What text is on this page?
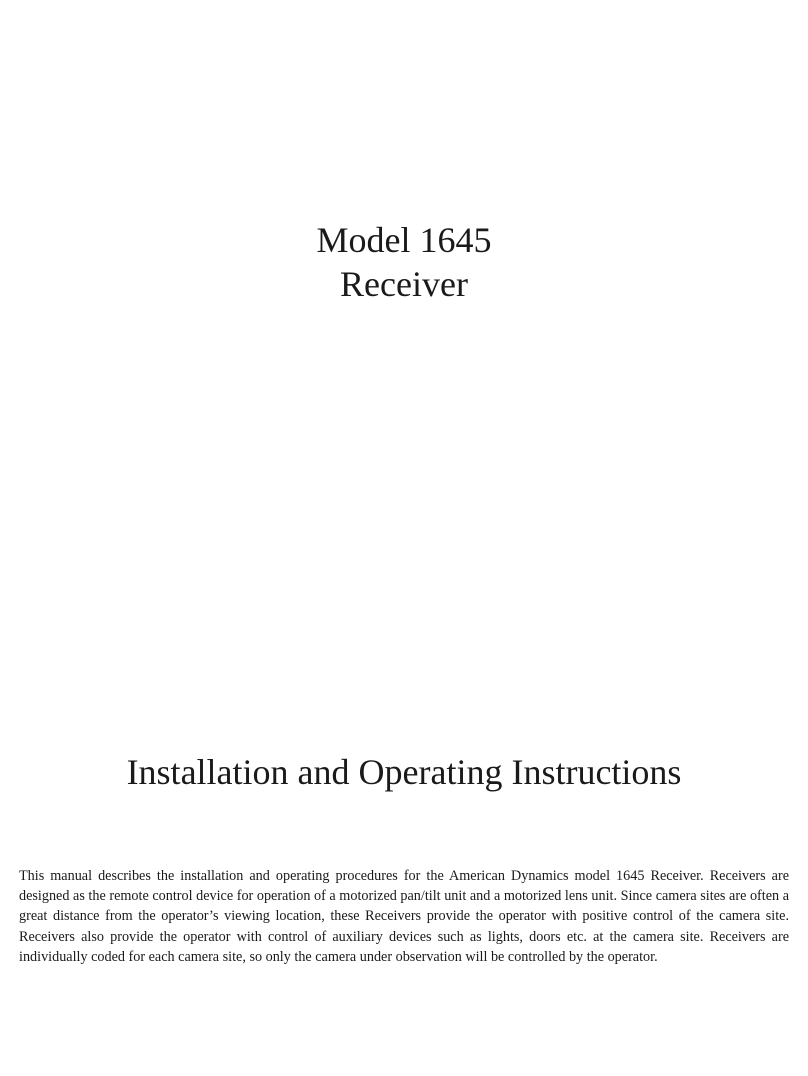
Model 1645
Receiver
Installation and Operating Instructions

This manual describes the installation and operating procedures for the American Dynamics model 1645 Receiver. Receivers are designed as the remote control device for operation of a motorized pan/tilt unit and a motorized lens unit. Since camera sites are often a great distance from the operator’s viewing location, these Receivers provide the operator with positive control of the camera site. Receivers also provide the operator with control of auxiliary devices such as lights, doors etc. at the camera site. Receivers are individually coded for each camera site, so only the camera under observation will be controlled by the operator.
